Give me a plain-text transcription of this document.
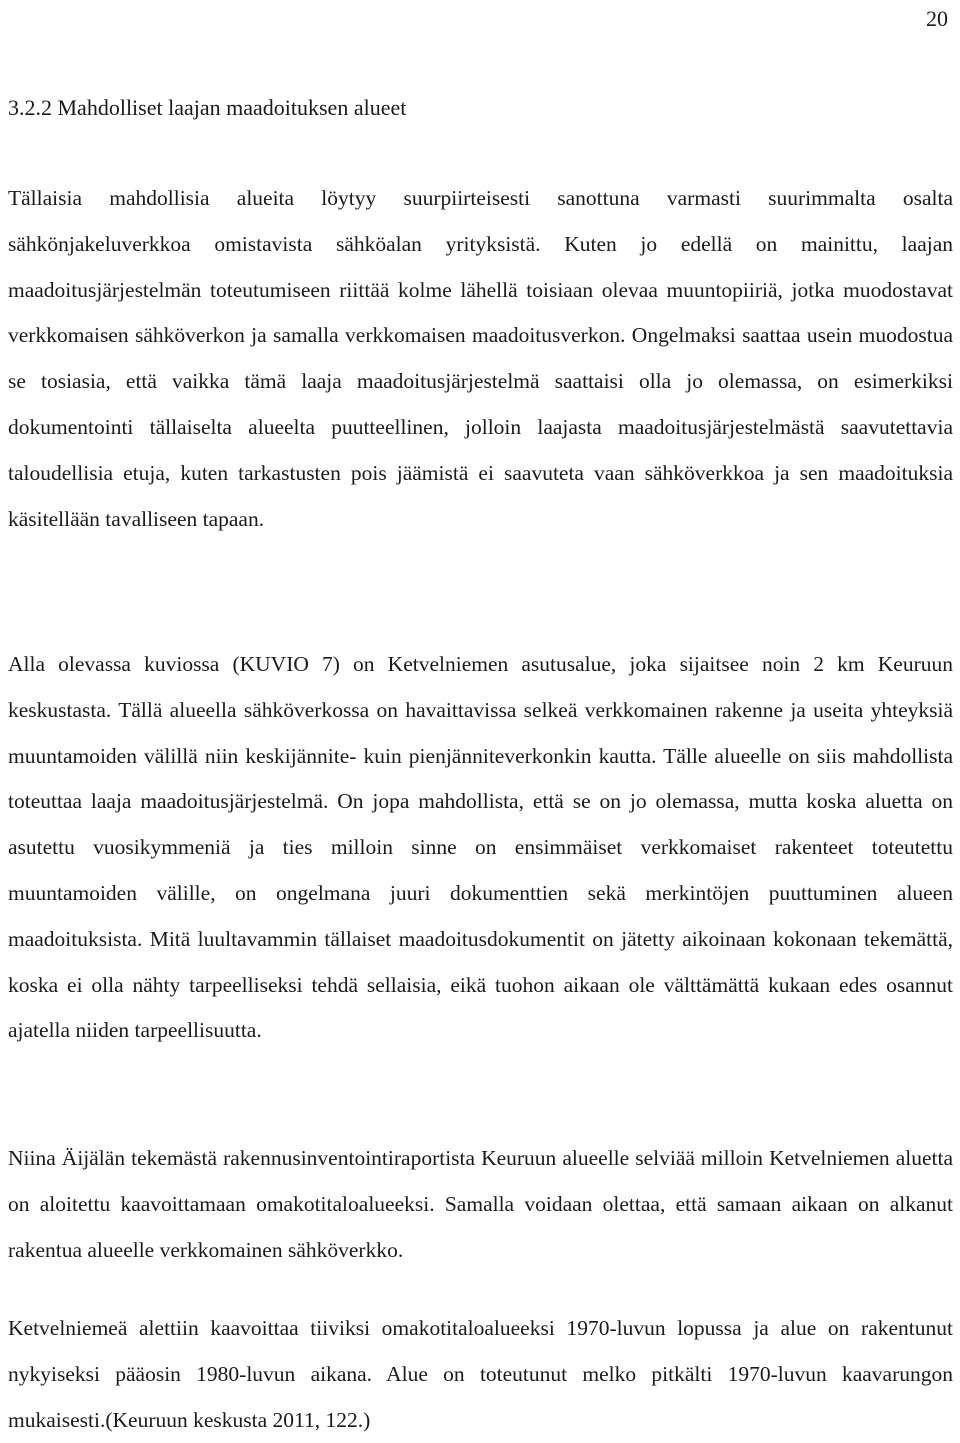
20
3.2.2 Mahdolliset laajan maadoituksen alueet

Tällaisia mahdollisia alueita löytyy suurpiirteisesti sanottuna varmasti suurimmalta osalta sähkönjakeluverkkoa omistavista sähköalan yrityksistä. Kuten jo edellä on mainittu, laajan maadoitusjärjestelmän toteutumiseen riittää kolme lähellä toisiaan olevaa muuntopiiriä, jotka muodostavat verkkomaisen sähköverkon ja samalla verkkomaisen maadoitusverkon. Ongelmaksi saattaa usein muodostua se tosiasia, että vaikka tämä laaja maadoitusjärjestelmä saattaisi olla jo olemassa, on esimerkiksi dokumentointi tällaiselta alueelta puutteellinen, jolloin laajasta maadoitusjärjestelmästä saavutettavia taloudellisia etuja, kuten tarkastusten pois jäämistä ei saavuteta vaan sähköverkkoa ja sen maadoituksia käsitellään tavalliseen tapaan.

Alla olevassa kuviossa (KUVIO 7) on Ketvelniemen asutusalue, joka sijaitsee noin 2 km Keuruun keskustasta. Tällä alueella sähköverkossa on havaittavissa selkeä verkkomainen rakenne ja useita yhteyksiä muuntamoiden välillä niin keskijännite- kuin pienjänniteverkonkin kautta. Tälle alueelle on siis mahdollista toteuttaa laaja maadoitusjärjestelmä. On jopa mahdollista, että se on jo olemassa, mutta koska aluetta on asutettu vuosikymmeniä ja ties milloin sinne on ensimmäiset verkkomaiset rakenteet toteutettu muuntamoiden välille, on ongelmana juuri dokumenttien sekä merkintöjen puuttuminen alueen maadoituksista. Mitä luultavammin tällaiset maadoitusdokumentit on jätetty aikoinaan kokonaan tekemättä, koska ei olla nähty tarpeelliseksi tehdä sellaisia, eikä tuohon aikaan ole välttämättä kukaan edes osannut ajatella niiden tarpeellisuutta.

Niina Äijälän tekemästä rakennusinventointiraportista Keuruun alueelle selviää milloin Ketvelniemen aluetta on aloitettu kaavoittamaan omakotitaloalueeksi. Samalla voidaan olettaa, että samaan aikaan on alkanut rakentua alueelle verkkomainen sähköverkko.

Ketvelniemeä alettiin kaavoittaa tiiviksi omakotitaloalueeksi 1970-luvun lopussa ja alue on rakentunut nykyiseksi pääosin 1980-luvun aikana. Alue on toteutunut melko pitkälti 1970-luvun kaavarungon mukaisesti.(Keuruun keskusta 2011, 122.)
